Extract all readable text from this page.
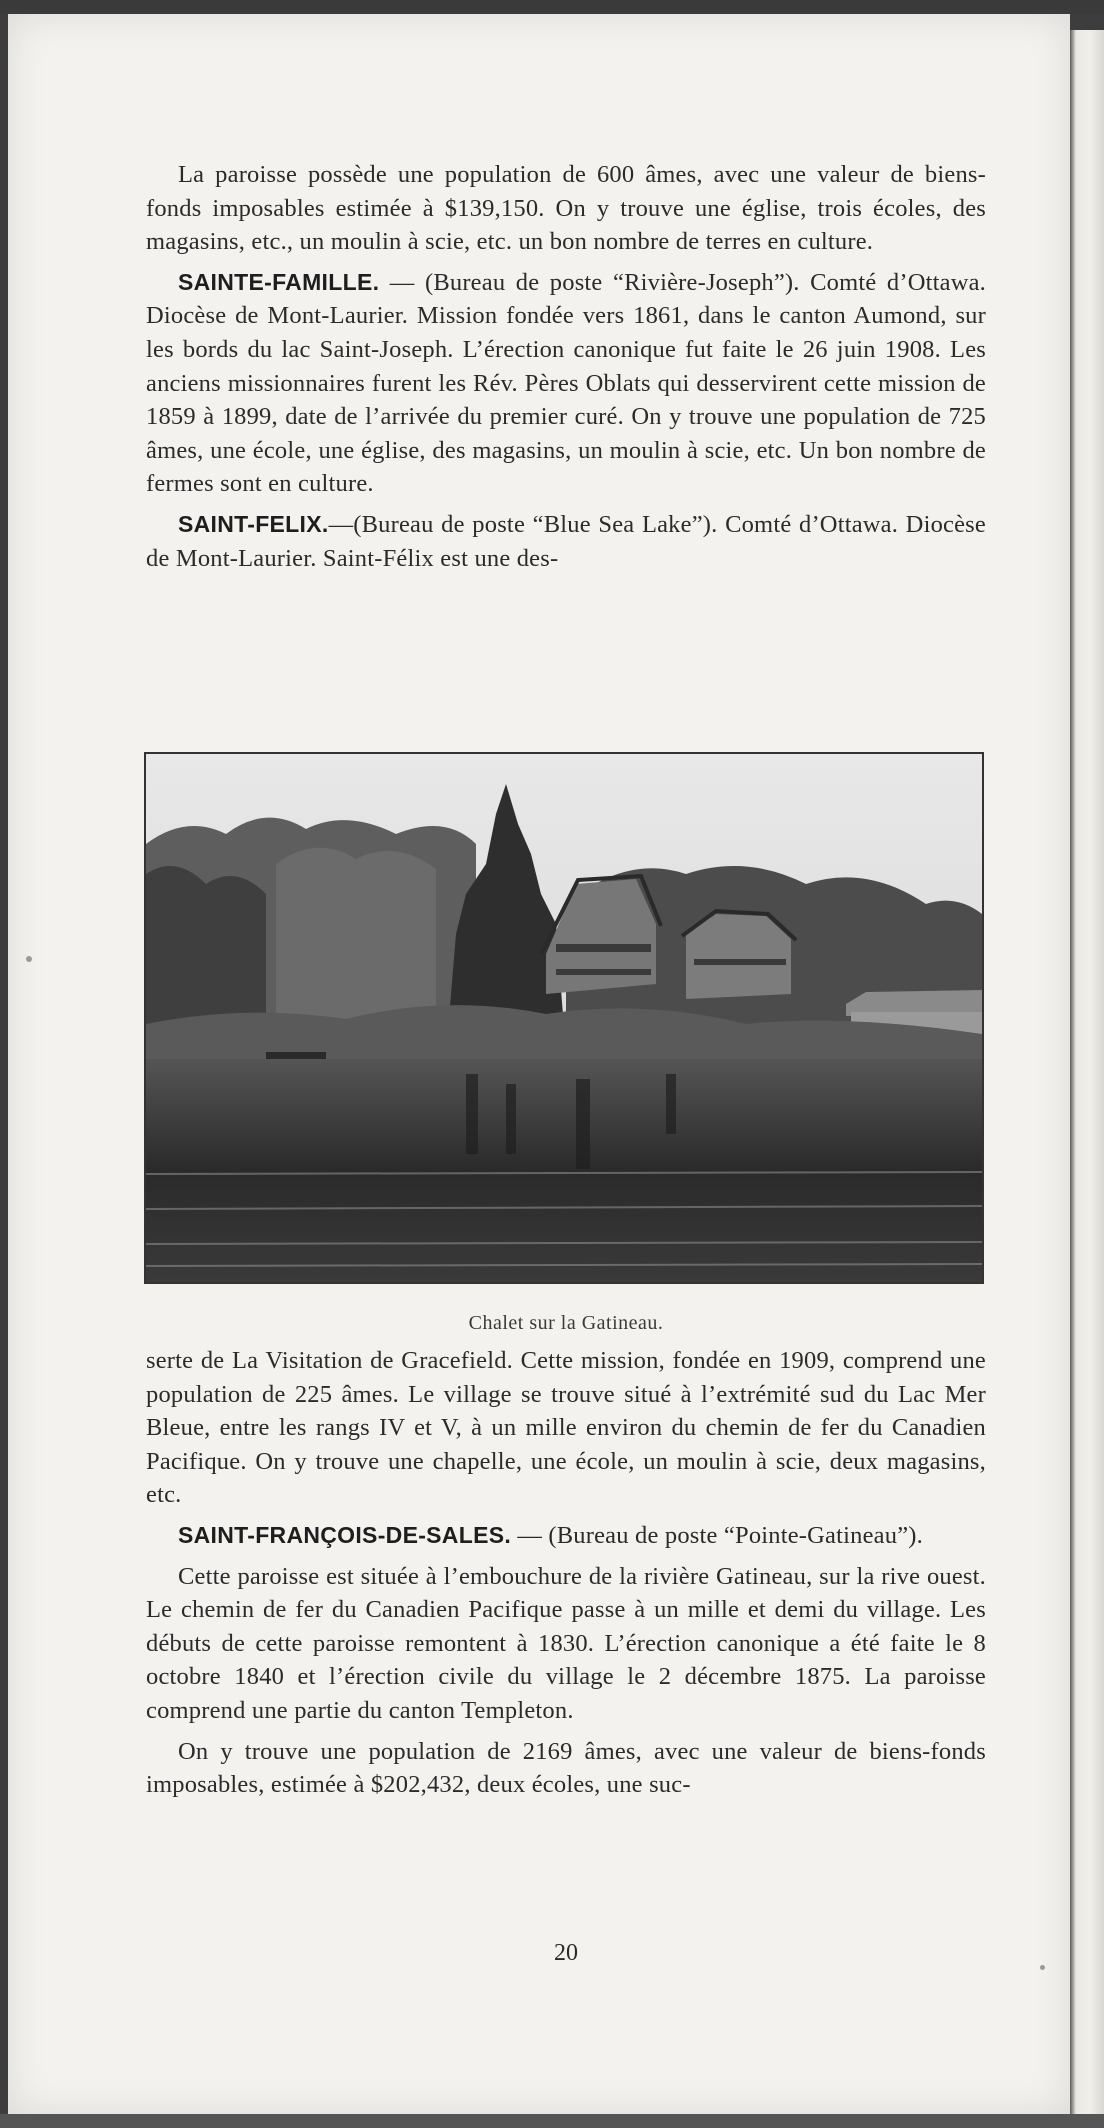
La paroisse possède une population de 600 âmes, avec une valeur de biens-fonds imposables estimée à $139,150. On y trouve une église, trois écoles, des magasins, etc., un moulin à scie, etc. un bon nombre de terres en culture.

SAINTE-FAMILLE. — (Bureau de poste “Rivière-Joseph”). Comté d’Ottawa. Diocèse de Mont-Laurier. Mission fondée vers 1861, dans le canton Aumond, sur les bords du lac Saint-Joseph. L’érection canonique fut faite le 26 juin 1908. Les anciens missionnaires furent les Rév. Pères Oblats qui desservirent cette mission de 1859 à 1899, date de l’arrivée du premier curé. On y trouve une population de 725 âmes, une école, une église, des magasins, un moulin à scie, etc. Un bon nombre de fermes sont en culture.

SAINT-FELIX.—(Bureau de poste “Blue Sea Lake”). Comté d’Ottawa. Diocèse de Mont-Laurier. Saint-Félix est une des-

Chalet sur la Gatineau.

serte de La Visitation de Gracefield. Cette mission, fondée en 1909, comprend une population de 225 âmes. Le village se trouve situé à l’extrémité sud du Lac Mer Bleue, entre les rangs IV et V, à un mille environ du chemin de fer du Canadien Pacifique. On y trouve une chapelle, une école, un moulin à scie, deux magasins, etc.

SAINT-FRANÇOIS-DE-SALES. — (Bureau de poste “Pointe-Gatineau”).

Cette paroisse est située à l’embouchure de la rivière Gatineau, sur la rive ouest. Le chemin de fer du Canadien Pacifique passe à un mille et demi du village. Les débuts de cette paroisse remontent à 1830. L’érection canonique a été faite le 8 octobre 1840 et l’érection civile du village le 2 décembre 1875. La paroisse comprend une partie du canton Templeton.

On y trouve une population de 2169 âmes, avec une valeur de biens-fonds imposables, estimée à $202,432, deux écoles, une suc-

20
